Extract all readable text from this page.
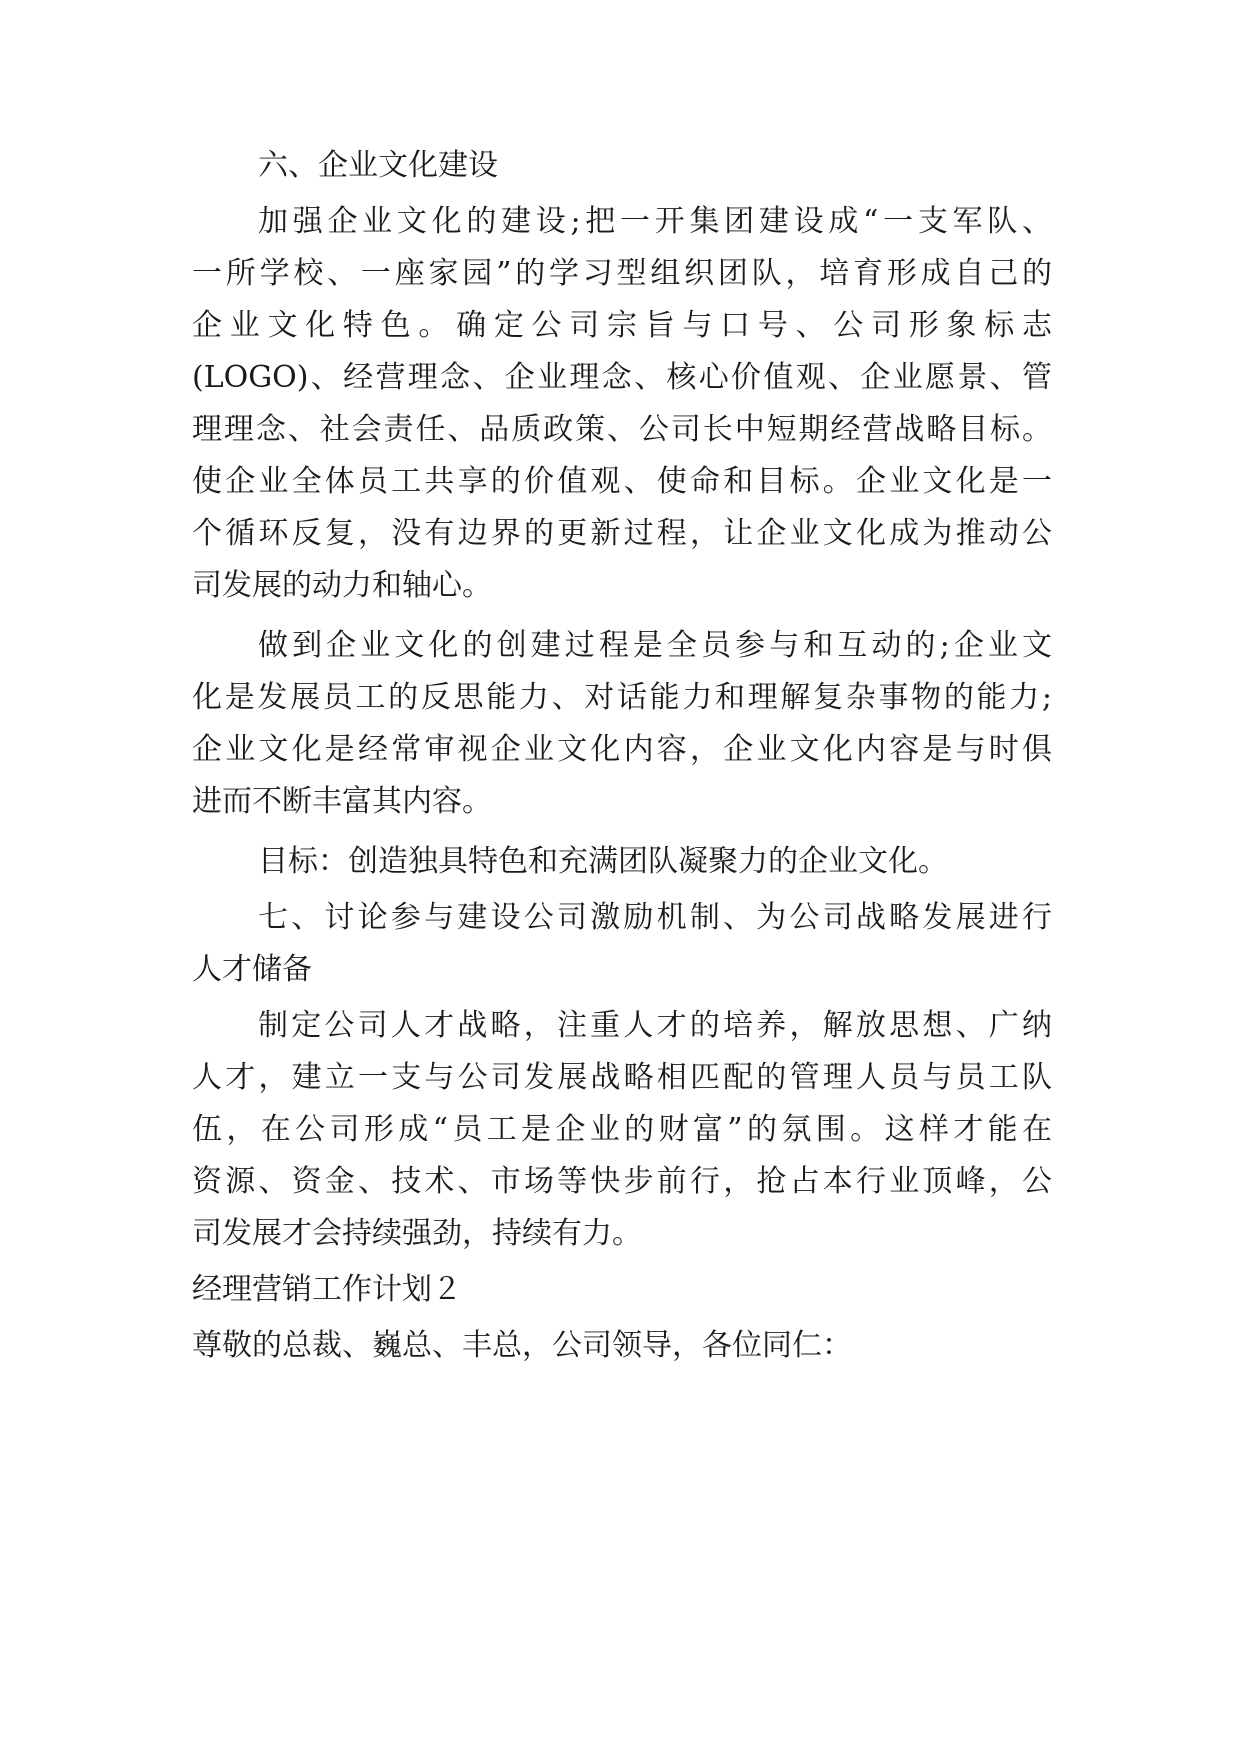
六、企业文化建设
加强企业文化的建设;把一开集团建设成“一支军队、
一所学校、一座家园”的学习型组织团队，培育形成自己的
企业文化特色。确定公司宗旨与口号、公司形象标志
(LOGO)、经营理念、企业理念、核心价值观、企业愿景、管
理理念、社会责任、品质政策、公司长中短期经营战略目标。
使企业全体员工共享的价值观、使命和目标。企业文化是一
个循环反复，没有边界的更新过程，让企业文化成为推动公
司发展的动力和轴心。
做到企业文化的创建过程是全员参与和互动的;企业文
化是发展员工的反思能力、对话能力和理解复杂事物的能力;
企业文化是经常审视企业文化内容，企业文化内容是与时俱
进而不断丰富其内容。
目标：创造独具特色和充满团队凝聚力的企业文化。
七、讨论参与建设公司激励机制、为公司战略发展进行
人才储备
制定公司人才战略，注重人才的培养，解放思想、广纳
人才，建立一支与公司发展战略相匹配的管理人员与员工队
伍，在公司形成“员工是企业的财富”的氛围。这样才能在
资源、资金、技术、市场等快步前行，抢占本行业顶峰，公
司发展才会持续强劲，持续有力。
经理营销工作计划２
尊敬的总裁、巍总、丰总，公司领导，各位同仁：
